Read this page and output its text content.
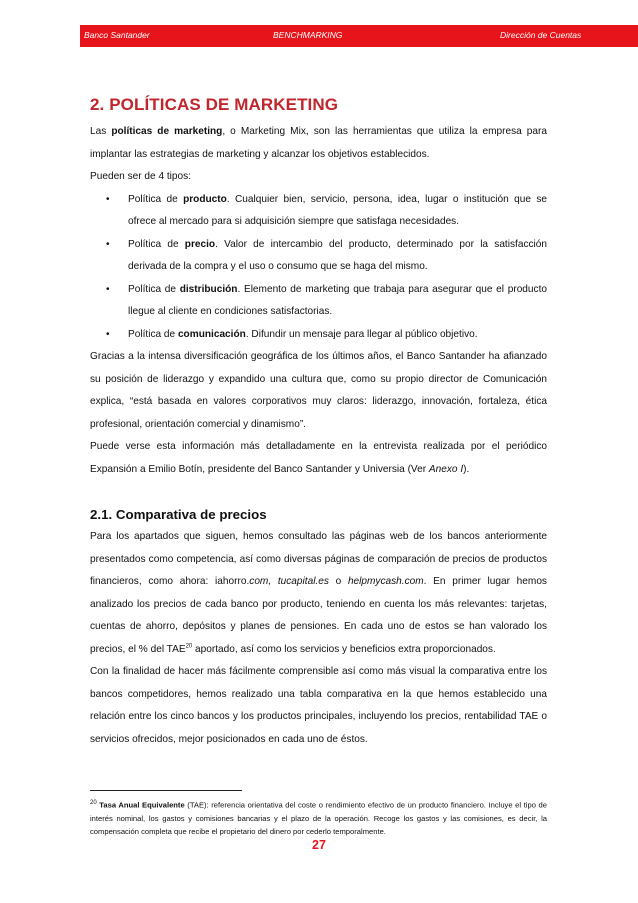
Banco Santander	BENCHMARKING	Dirección de Cuentas
2. POLÍTICAS DE MARKETING

Las políticas de marketing, o Marketing Mix, son las herramientas que utiliza la empresa para implantar las estrategias de marketing y alcanzar los objetivos establecidos.

Pueden ser de 4 tipos:

• Política de producto. Cualquier bien, servicio, persona, idea, lugar o institución que se ofrece al mercado para si adquisición siempre que satisfaga necesidades.
• Política de precio. Valor de intercambio del producto, determinado por la satisfacción derivada de la compra y el uso o consumo que se haga del mismo.
• Política de distribución. Elemento de marketing que trabaja para asegurar que el producto llegue al cliente en condiciones satisfactorias.
• Política de comunicación. Difundir un mensaje para llegar al público objetivo.

Gracias a la intensa diversificación geográfica de los últimos años, el Banco Santander ha afianzado su posición de liderazgo y expandido una cultura que, como su propio director de Comunicación explica, “está basada en valores corporativos muy claros: liderazgo, innovación, fortaleza, ética profesional, orientación comercial y dinamismo”.

Puede verse esta información más detalladamente en la entrevista realizada por el periódico Expansión a Emilio Botín, presidente del Banco Santander y Universia (Ver Anexo I).

2.1. Comparativa de precios

Para los apartados que siguen, hemos consultado las páginas web de los bancos anteriormente presentados como competencia, así como diversas páginas de comparación de precios de productos financieros, como ahora: iahorro.com, tucapital.es o helpmycash.com. En primer lugar hemos analizado los precios de cada banco por producto, teniendo en cuenta los más relevantes: tarjetas, cuentas de ahorro, depósitos y planes de pensiones. En cada uno de estos se han valorado los precios, el % del TAE$^{20}$ aportado, así como los servicios y beneficios extra proporcionados.

Con la finalidad de hacer más fácilmente comprensible así como más visual la comparativa entre los bancos competidores, hemos realizado una tabla comparativa en la que hemos establecido una relación entre los cinco bancos y los productos principales, incluyendo los precios, rentabilidad TAE o servicios ofrecidos, mejor posicionados en cada uno de éstos.

$^{20}$ Tasa Anual Equivalente (TAE): referencia orientativa del coste o rendimiento efectivo de un producto financiero. Incluye el tipo de interés nominal, los gastos y comisiones bancarias y el plazo de la operación. Recoge los gastos y las comisiones, es decir, la compensación completa que recibe el propietario del dinero por cederlo temporalmente.
27
